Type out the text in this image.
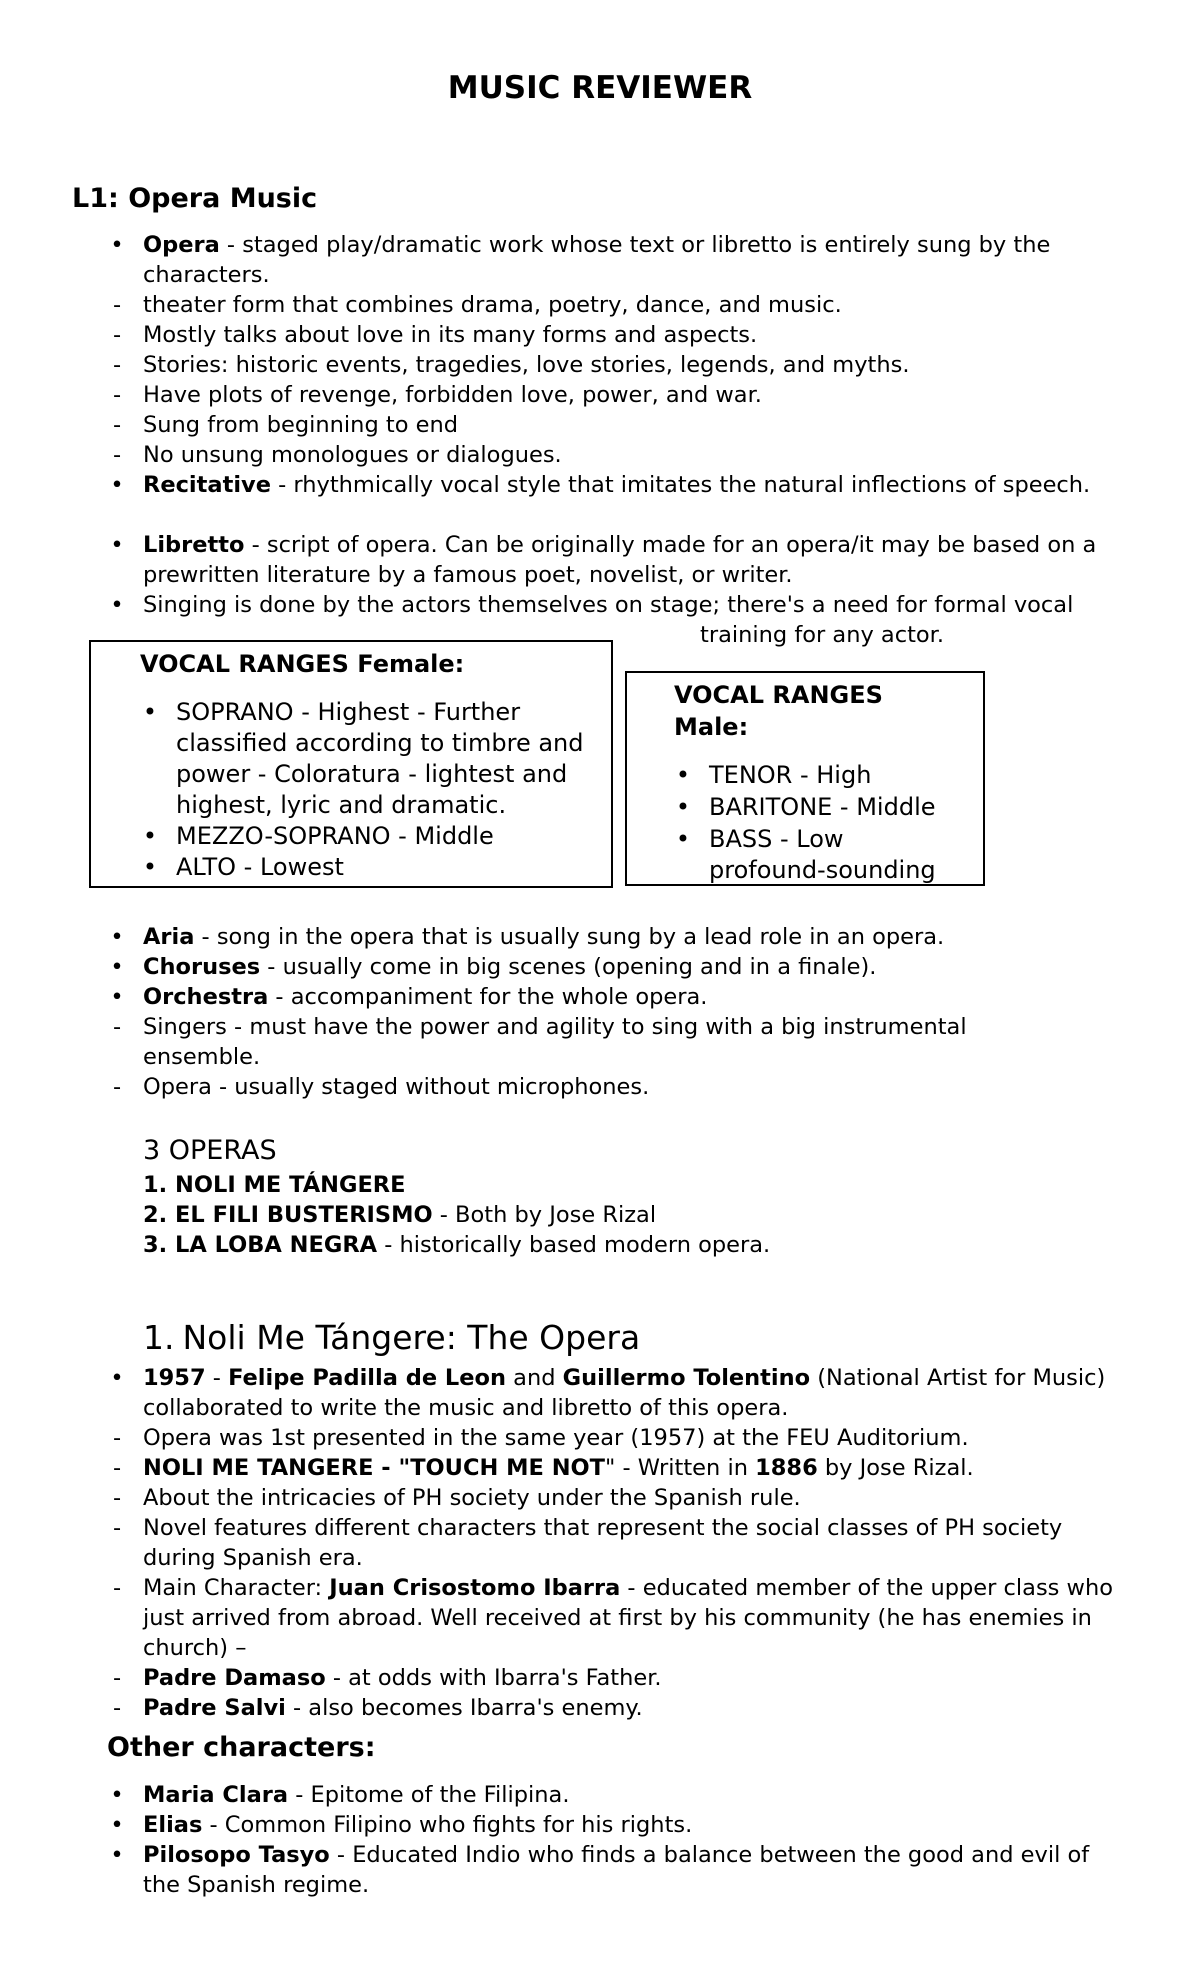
MUSIC REVIEWER
L1: Opera Music
• Opera - staged play/dramatic work whose text or libretto is entirely sung by the characters.
- theater form that combines drama, poetry, dance, and music.
- Mostly talks about love in its many forms and aspects.
- Stories: historic events, tragedies, love stories, legends, and myths.
- Have plots of revenge, forbidden love, power, and war.
- Sung from beginning to end
- No unsung monologues or dialogues.
• Recitative - rhythmically vocal style that imitates the natural inflections of speech.
• Libretto - script of opera. Can be originally made for an opera/it may be based on a prewritten literature by a famous poet, novelist, or writer.
• Singing is done by the actors themselves on stage; there's a need for formal vocal
training for any actor.
VOCAL RANGES Female:
• SOPRANO - Highest - Further classified according to timbre and power - Coloratura - lightest and highest, lyric and dramatic.
• MEZZO-SOPRANO - Middle
• ALTO - Lowest
VOCAL RANGES Male:
• TENOR - High
• BARITONE - Middle
• BASS - Low profound-sounding
• Aria - song in the opera that is usually sung by a lead role in an opera.
• Choruses - usually come in big scenes (opening and in a finale).
• Orchestra - accompaniment for the whole opera.
- Singers - must have the power and agility to sing with a big instrumental ensemble.
- Opera - usually staged without microphones.
3 OPERAS
1. NOLI ME TÁNGERE
2. EL FILI BUSTERISMO - Both by Jose Rizal
3. LA LOBA NEGRA - historically based modern opera.
1. Noli Me Tángere: The Opera
• 1957 - Felipe Padilla de Leon and Guillermo Tolentino (National Artist for Music) collaborated to write the music and libretto of this opera.
- Opera was 1st presented in the same year (1957) at the FEU Auditorium.
- NOLI ME TANGERE - "TOUCH ME NOT" - Written in 1886 by Jose Rizal.
- About the intricacies of PH society under the Spanish rule.
- Novel features different characters that represent the social classes of PH society during Spanish era.
- Main Character: Juan Crisostomo Ibarra - educated member of the upper class who just arrived from abroad. Well received at first by his community (he has enemies in church) –
- Padre Damaso - at odds with Ibarra's Father.
- Padre Salvi - also becomes Ibarra's enemy.
Other characters:
• Maria Clara - Epitome of the Filipina.
• Elias - Common Filipino who fights for his rights.
• Pilosopo Tasyo - Educated Indio who finds a balance between the good and evil of the Spanish regime.
